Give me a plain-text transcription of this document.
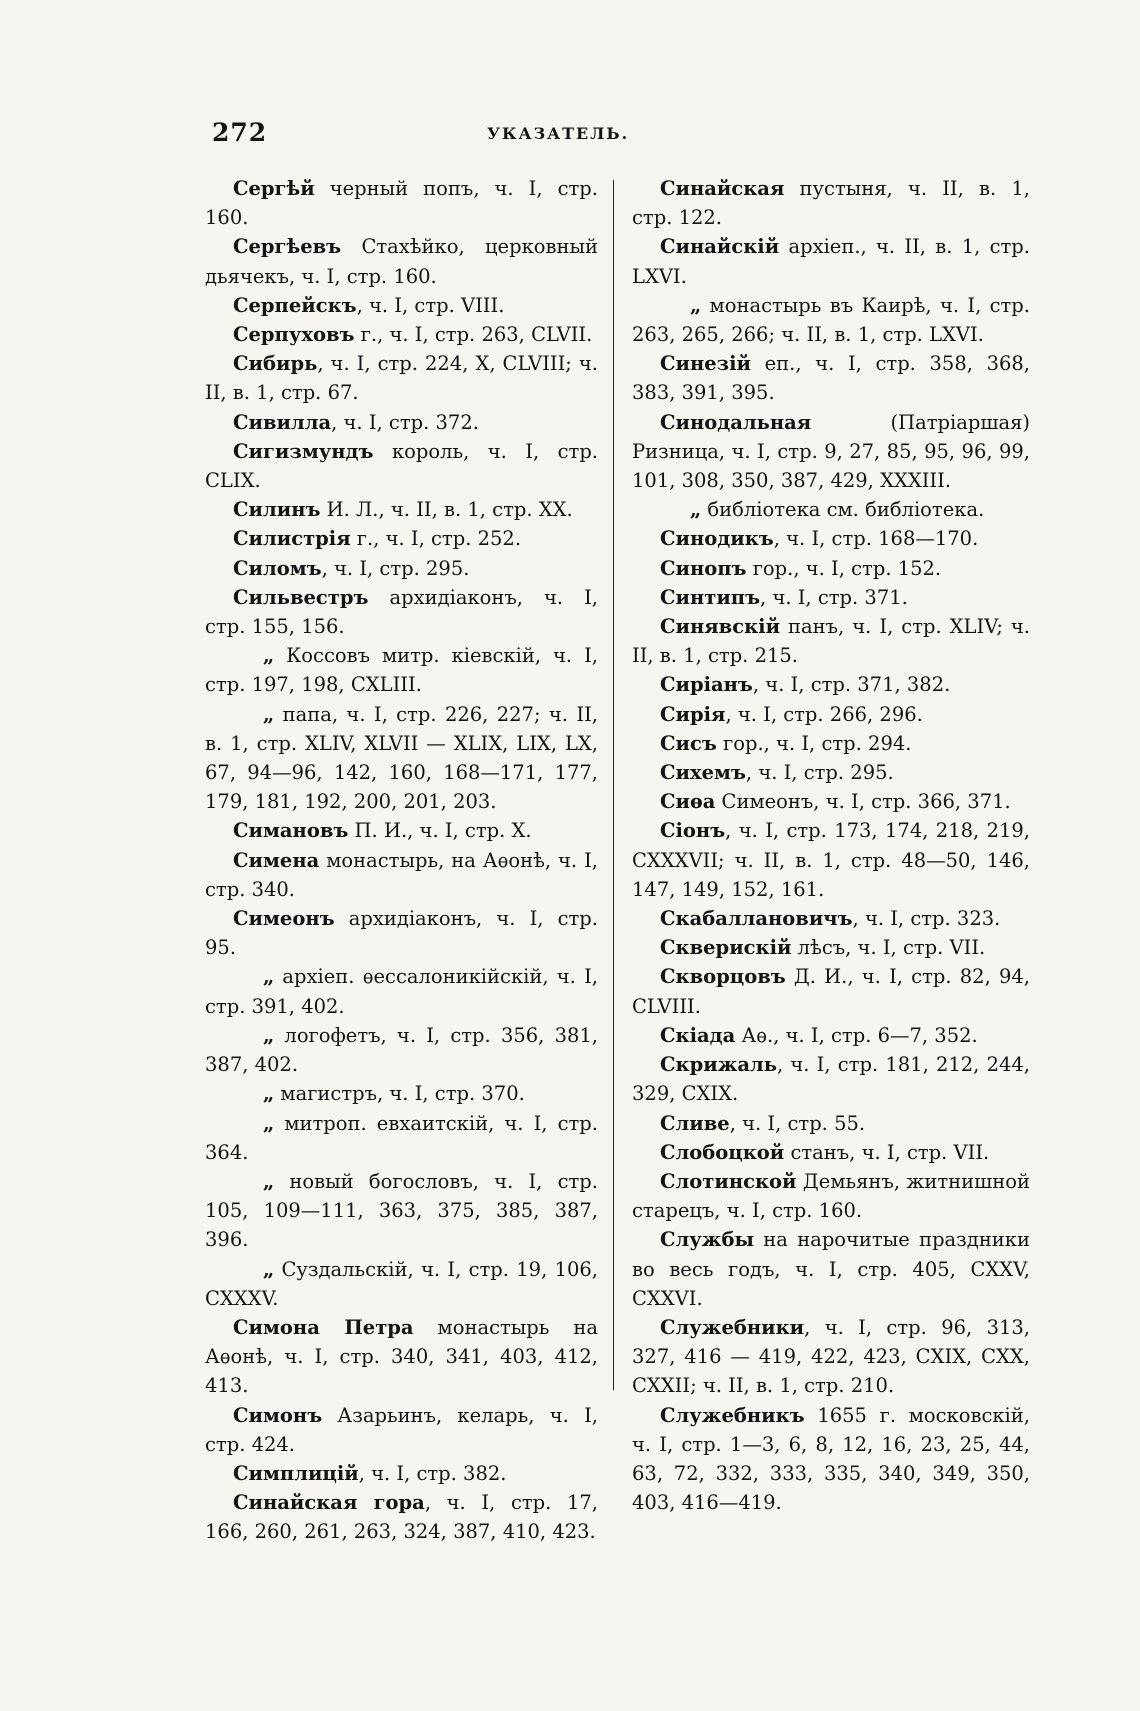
272	УКАЗАТЕЛЬ.

Сергѣй черный попъ, ч. I, стр. 160.

Сергѣевъ Стахѣйко, церковный дьячекъ, ч. I, стр. 160.

Серпейскъ, ч. I, стр. VIII.

Серпуховъ г., ч. I, стр. 263, CLVII.

Сибирь, ч. I, стр. 224, X, CLVIII; ч. II, в. 1, стр. 67.

Сивилла, ч. I, стр. 372.

Сигизмундъ король, ч. I, стр. CLIX.

Силинъ И. Л., ч. II, в. 1, стр. XX.

Силистрія г., ч. I, стр. 252.

Силомъ, ч. I, стр. 295.

Сильвестръ архидіаконъ, ч. I, стр. 155, 156.

„ Коссовъ митр. кіевскій, ч. I, стр. 197, 198, CXLIII.

„ папа, ч. I, стр. 226, 227; ч. II, в. 1, стр. XLIV, XLVII — XLIX, LIX, LX, 67, 94—96, 142, 160, 168—171, 177, 179, 181, 192, 200, 201, 203.

Симановъ П. И., ч. I, стр. X.

Симена монастырь, на Аѳонѣ, ч. I, стр. 340.

Симеонъ архидіаконъ, ч. I, стр. 95.

„ архіеп. ѳессалоникійскій, ч. I, стр. 391, 402.

„ логофетъ, ч. I, стр. 356, 381, 387, 402.

„ магистръ, ч. I, стр. 370.

„ митроп. евхаитскій, ч. I, стр. 364.

„ новый богословъ, ч. I, стр. 105, 109—111, 363, 375, 385, 387, 396.

„ Суздальскій, ч. I, стр. 19, 106, CXXXV.

Симона Петра монастырь на Аѳонѣ, ч. I, стр. 340, 341, 403, 412, 413.

Симонъ Азарьинъ, келарь, ч. I, стр. 424.

Симплицій, ч. I, стр. 382.

Синайская гора, ч. I, стр. 17, 166, 260, 261, 263, 324, 387, 410, 423.

Синайская пустыня, ч. II, в. 1, стр. 122.

Синайскій архіеп., ч. II, в. 1, стр. LXVI.

„ монастырь въ Каирѣ, ч. I, стр. 263, 265, 266; ч. II, в. 1, стр. LXVI.

Синезій еп., ч. I, стр. 358, 368, 383, 391, 395.

Синодальная (Патріаршая) Ризница, ч. I, стр. 9, 27, 85, 95, 96, 99, 101, 308, 350, 387, 429, XXXIII.

„ библіотека см. библіотека.

Синодикъ, ч. I, стр. 168—170.

Синопъ гор., ч. I, стр. 152.

Синтипъ, ч. I, стр. 371.

Синявскій панъ, ч. I, стр. XLIV; ч. II, в. 1, стр. 215.

Сиріанъ, ч. I, стр. 371, 382.

Сирія, ч. I, стр. 266, 296.

Сисъ гор., ч. I, стр. 294.

Сихемъ, ч. I, стр. 295.

Сиѳа Симеонъ, ч. I, стр. 366, 371.

Сіонъ, ч. I, стр. 173, 174, 218, 219, CXXXVII; ч. II, в. 1, стр. 48—50, 146, 147, 149, 152, 161.

Скабаллановичъ, ч. I, стр. 323.

Скверискій лѣсъ, ч. I, стр. VII.

Скворцовъ Д. И., ч. I, стр. 82, 94, CLVIII.

Скіада Аѳ., ч. I, стр. 6—7, 352.

Скрижаль, ч. I, стр. 181, 212, 244, 329, CXIX.

Сливе, ч. I, стр. 55.

Слобоцкой станъ, ч. I, стр. VII.

Слотинской Демьянъ, житнишной старецъ, ч. I, стр. 160.

Службы на нарочитые праздники во весь годъ, ч. I, стр. 405, CXXV, CXXVI.

Служебники, ч. I, стр. 96, 313, 327, 416 — 419, 422, 423, CXIX, CXX, CXXII; ч. II, в. 1, стр. 210.

Служебникъ 1655 г. московскій, ч. I, стр. 1—3, 6, 8, 12, 16, 23, 25, 44, 63, 72, 332, 333, 335, 340, 349, 350, 403, 416—419.
